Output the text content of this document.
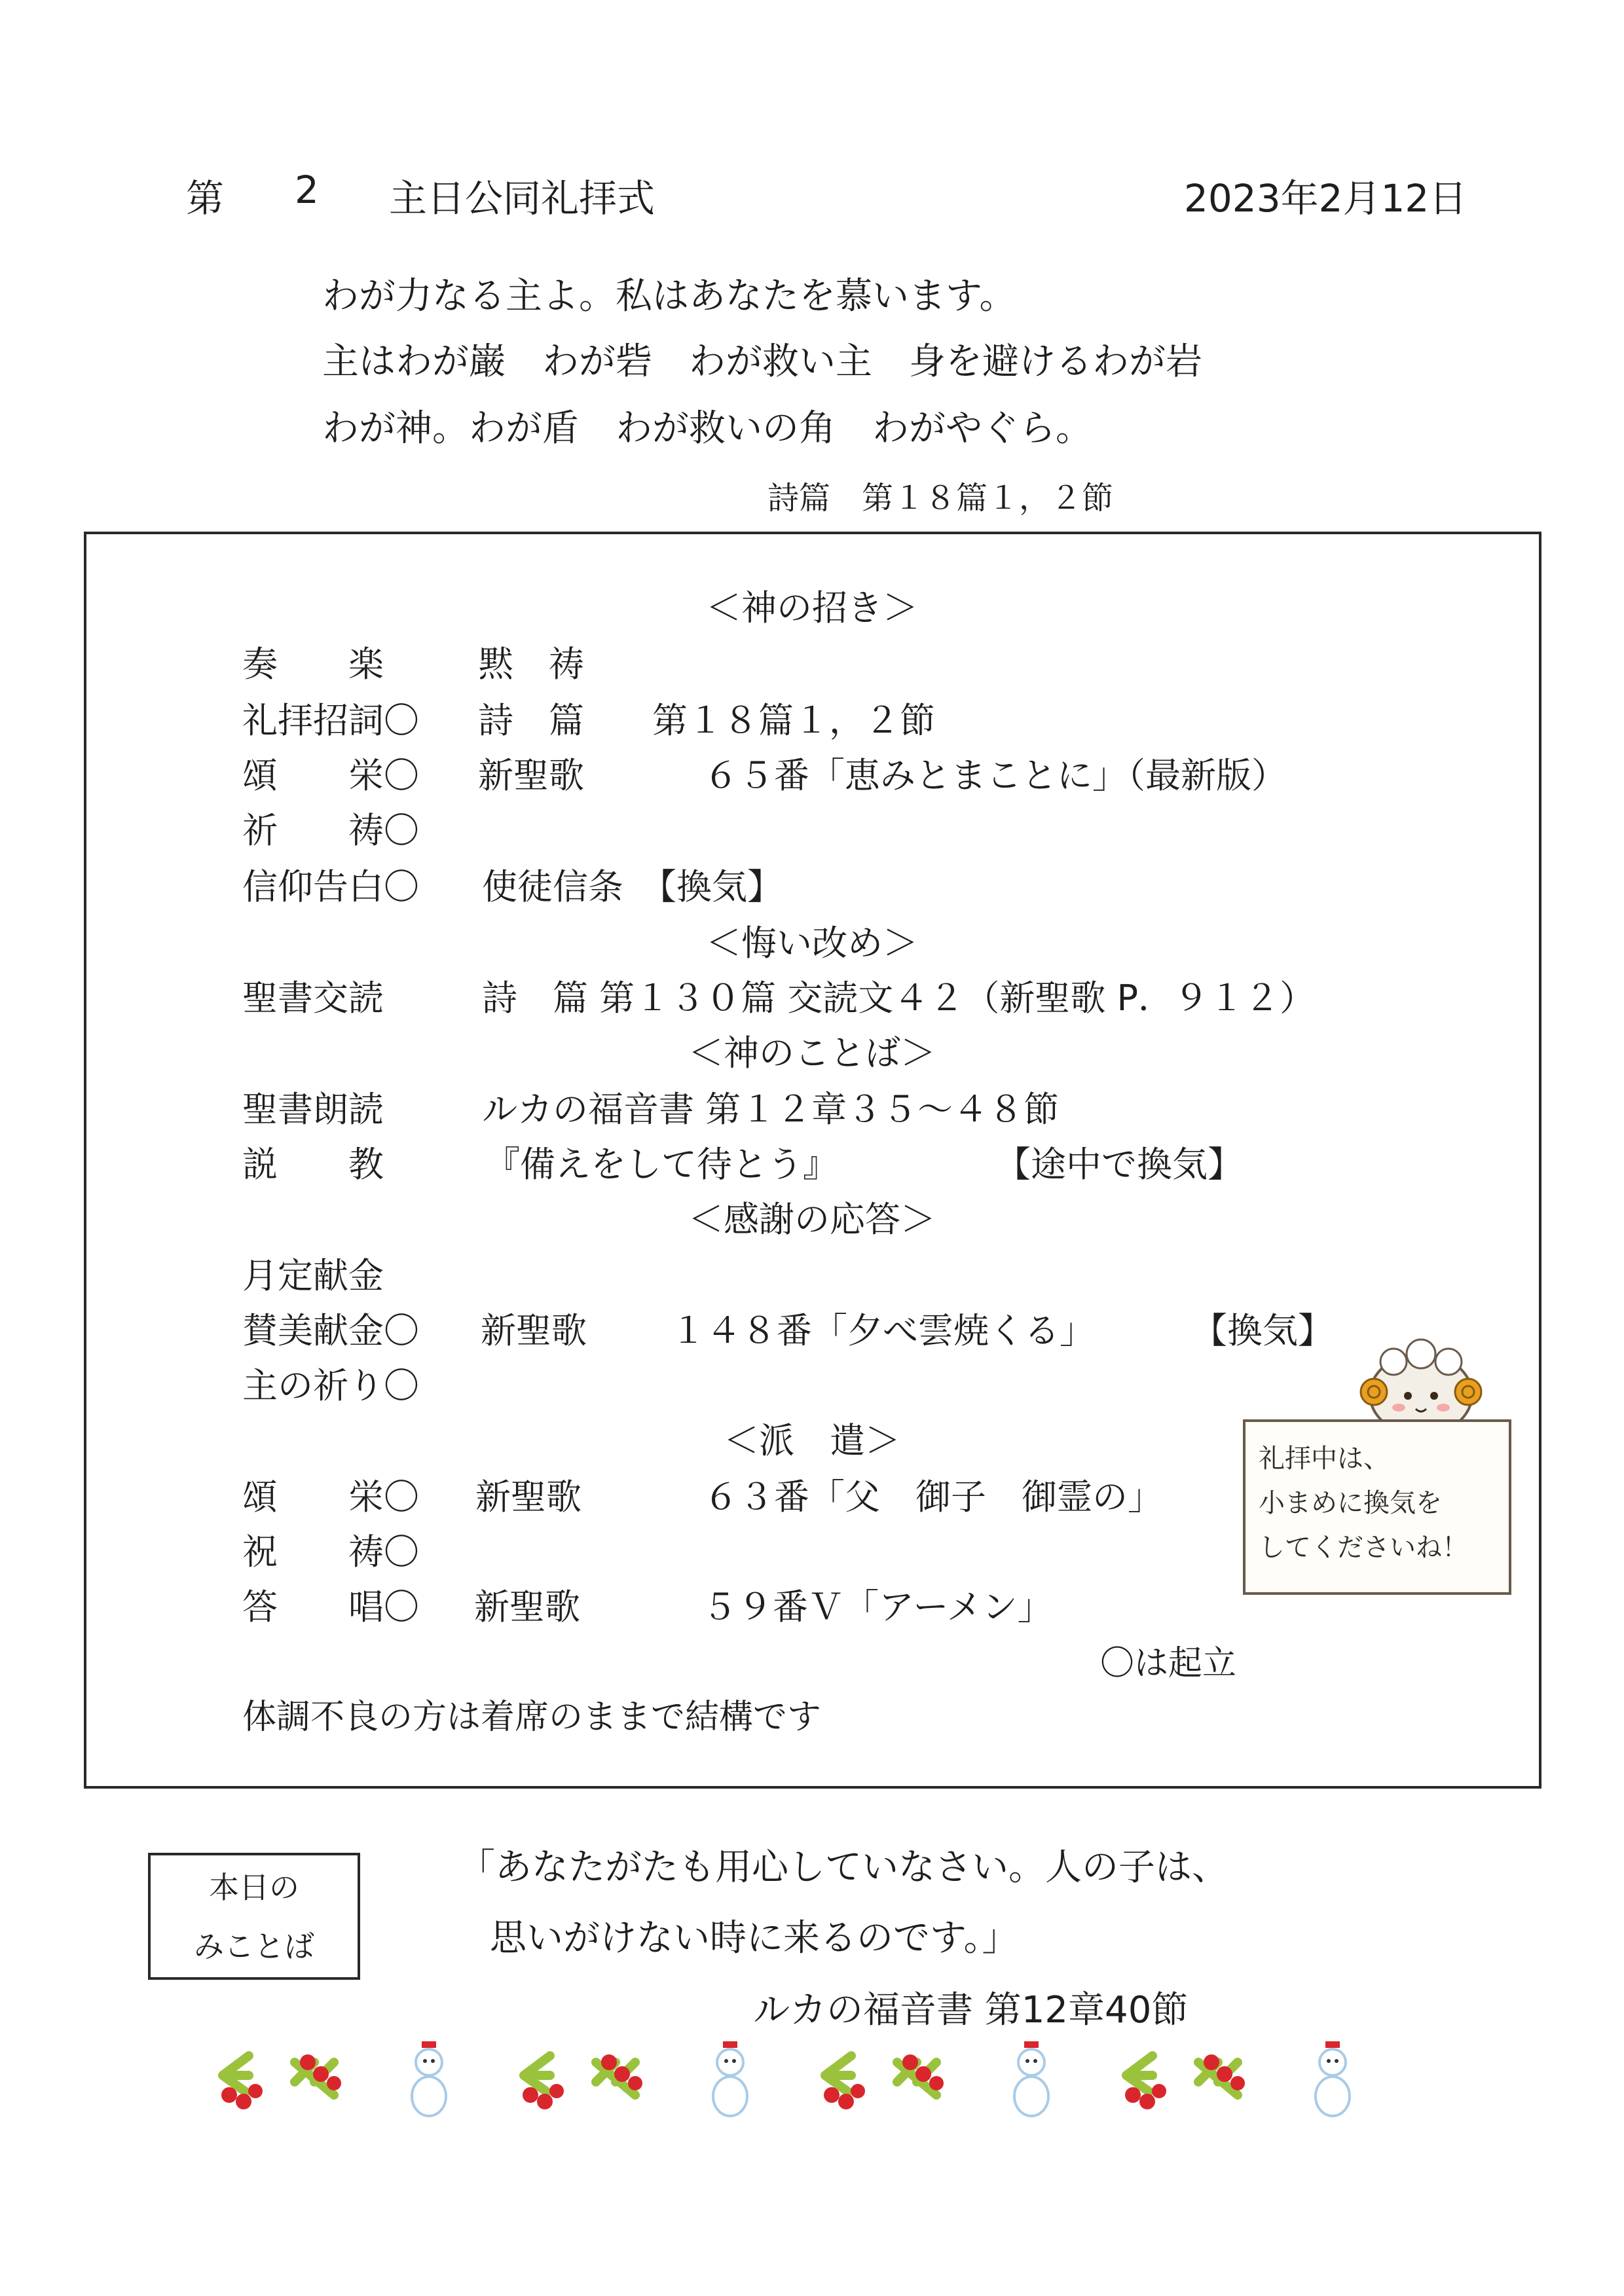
第 2 主日公同礼拝式	2023年2月12日
わが力なる主よ。私はあなたを慕います。
主はわが巌　わが砦　わが救い主　身を避けるわが岩
わが神。わが盾　わが救いの角　わがやぐら。
詩篇　第１８篇１，２節
＜神の招き＞
奏　　楽	黙　祷
礼拝招詞〇 詩　篇 第１８篇１，２節
頌　　栄〇 新聖歌	６５番「恵みとまことに」（最新版）
祈　　祷〇
信仰告白〇 使徒信条　【換気】
＜悔い改め＞
聖書交読	詩　篇 第１３０篇 交読文４２（新聖歌 P．９１２）
＜神のことば＞
聖書朗読	ルカの福音書 第１２章３５～４８節
説　　教	『備えをして待とう』	【途中で換気】
＜感謝の応答＞
月定献金
賛美献金〇 新聖歌 １４８番「夕べ雲焼くる」	【換気】
主の祈り〇
＜派　遣＞
頌　　栄〇 新聖歌	６３番「父　御子　御霊の」
祝　　祷〇
答　　唱〇 新聖歌	５９番Ｖ「アーメン」
〇は起立
体調不良の方は着席のままで結構です
礼拝中は、
小まめに換気を
してくださいね！
本日の
みことば
「あなたがたも用心していなさい。人の子は、
思いがけない時に来るのです。」
ルカの福音書 第12章40節
